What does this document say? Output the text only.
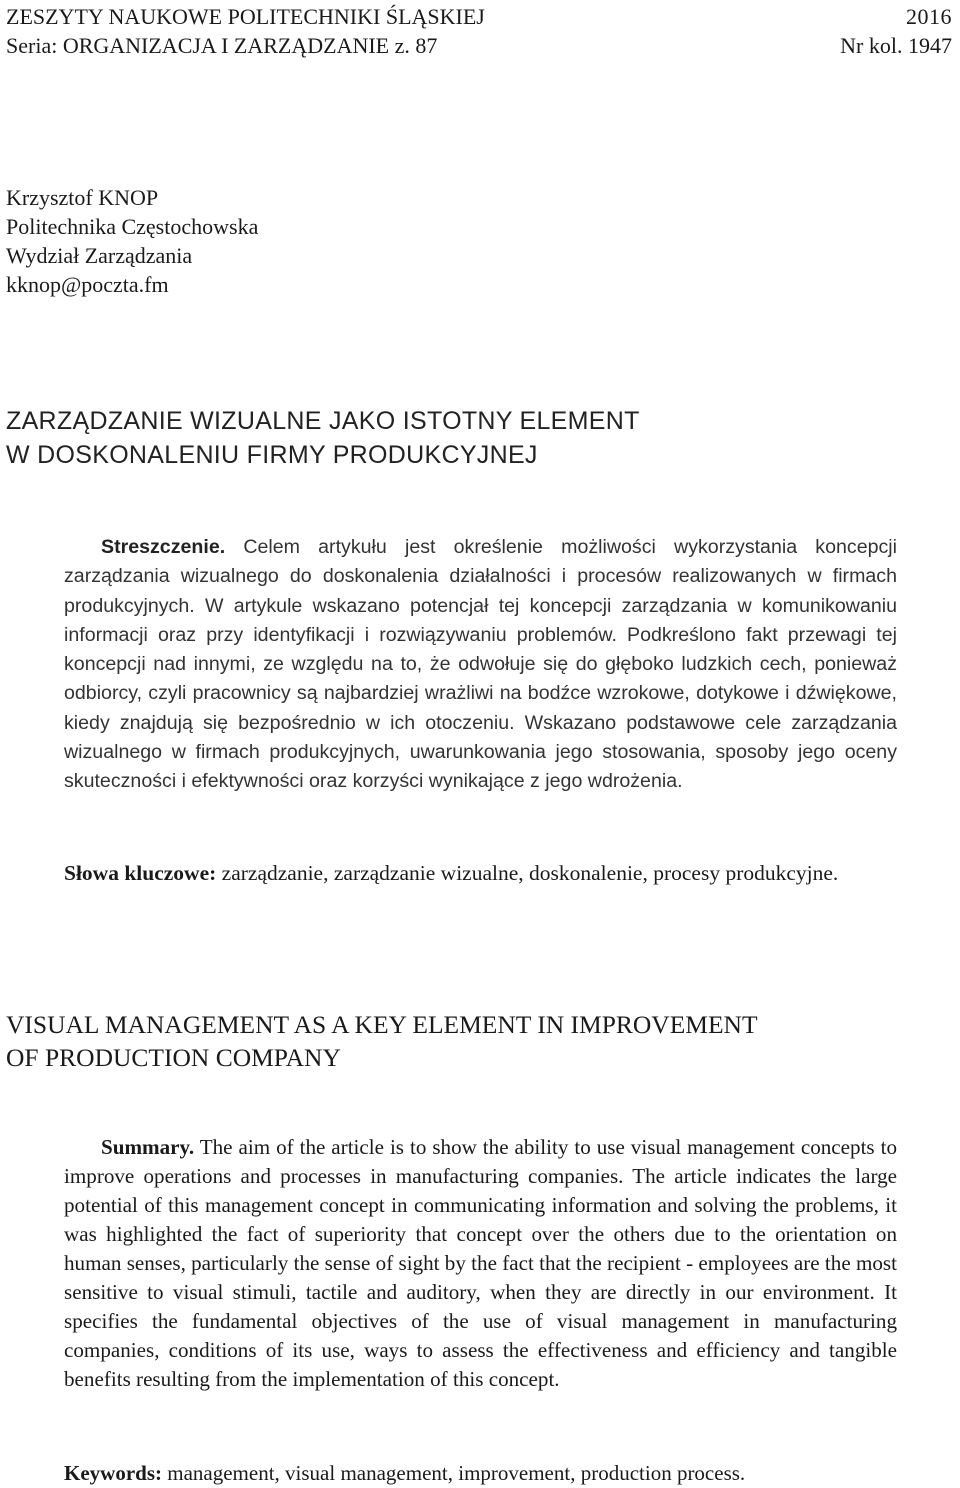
ZESZYTY NAUKOWE POLITECHNIKI ŚLĄSKIEJ	2016
Seria: ORGANIZACJA I ZARZĄDZANIE z. 87	Nr kol. 1947
Krzysztof KNOP
Politechnika Częstochowska
Wydział Zarządzania
kknop@poczta.fm
ZARZĄDZANIE WIZUALNE JAKO ISTOTNY ELEMENT
W DOSKONALENIU FIRMY PRODUKCYJNEJ

Streszczenie. Celem artykułu jest określenie możliwości wykorzystania koncepcji zarządzania wizualnego do doskonalenia działalności i procesów realizowanych w firmach produkcyjnych. W artykule wskazano potencjał tej koncepcji zarządzania w komunikowaniu informacji oraz przy identyfikacji i rozwiązywaniu problemów. Podkreślono fakt przewagi tej koncepcji nad innymi, ze względu na to, że odwołuje się do głęboko ludzkich cech, ponieważ odbiorcy, czyli pracownicy są najbardziej wrażliwi na bodźce wzrokowe, dotykowe i dźwiękowe, kiedy znajdują się bezpośrednio w ich otoczeniu. Wskazano podstawowe cele zarządzania wizualnego w firmach produkcyjnych, uwarunkowania jego stosowania, sposoby jego oceny skuteczności i efektywności oraz korzyści wynikające z jego wdrożenia.

Słowa kluczowe: zarządzanie, zarządzanie wizualne, doskonalenie, procesy produkcyjne.

VISUAL MANAGEMENT AS A KEY ELEMENT IN IMPROVEMENT
OF PRODUCTION COMPANY

Summary. The aim of the article is to show the ability to use visual management concepts to improve operations and processes in manufacturing companies. The article indicates the large potential of this management concept in communicating information and solving the problems, it was highlighted the fact of superiority that concept over the others due to the orientation on human senses, particularly the sense of sight by the fact that the recipient - employees are the most sensitive to visual stimuli, tactile and auditory, when they are directly in our environment. It specifies the fundamental objectives of the use of visual management in manufacturing companies, conditions of its use, ways to assess the effectiveness and efficiency and tangible benefits resulting from the implementation of this concept.

Keywords: management, visual management, improvement, production process.
